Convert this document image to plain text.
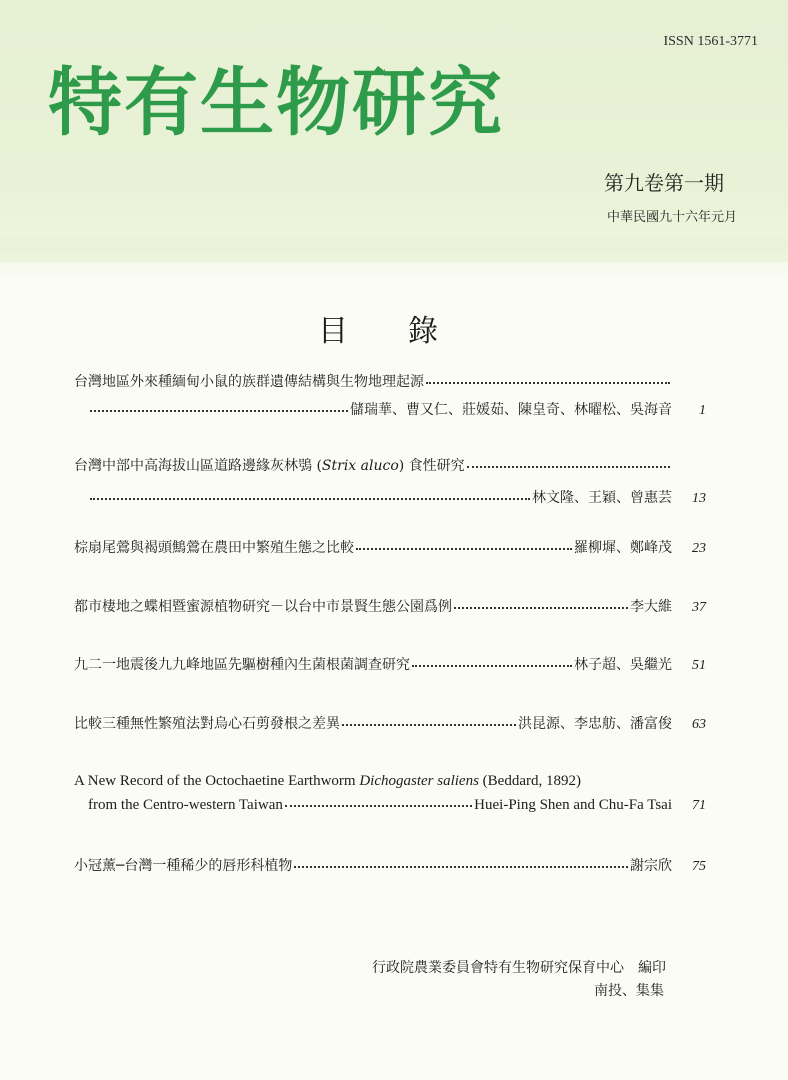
ISSN 1561-3771
特有生物研究
第九卷第一期
中華民國九十六年元月
目錄
台灣地區外來種緬甸小鼠的族群遺傳結構與生物地理起源
儲瑞華、曹又仁、莊媛茹、陳皇奇、林曜松、吳海音	1
台灣中部中高海拔山區道路邊緣灰林鴞 (Strix aluco) 食性研究
林文隆、王穎、曾惠芸	13
棕扇尾鶯與褐頭鷦鶯在農田中繁殖生態之比較	羅柳墀、鄭峰茂	23
都市棲地之蝶相暨蜜源植物研究－以台中市景賢生態公園爲例	李大維	37
九二一地震後九九峰地區先驅樹種內生菌根菌調查研究	林子超、吳繼光	51
比較三種無性繁殖法對烏心石剪發根之差異	洪昆源、李忠舫、潘富俊	63
A New Record of the Octochaetine Earthworm Dichogaster saliens (Beddard, 1892)
from the Centro-western Taiwan	Huei-Ping Shen and Chu-Fa Tsai	71
小冠薰─台灣一種稀少的唇形科植物	謝宗欣	75
行政院農業委員會特有生物研究保育中心　編印
南投、集集
